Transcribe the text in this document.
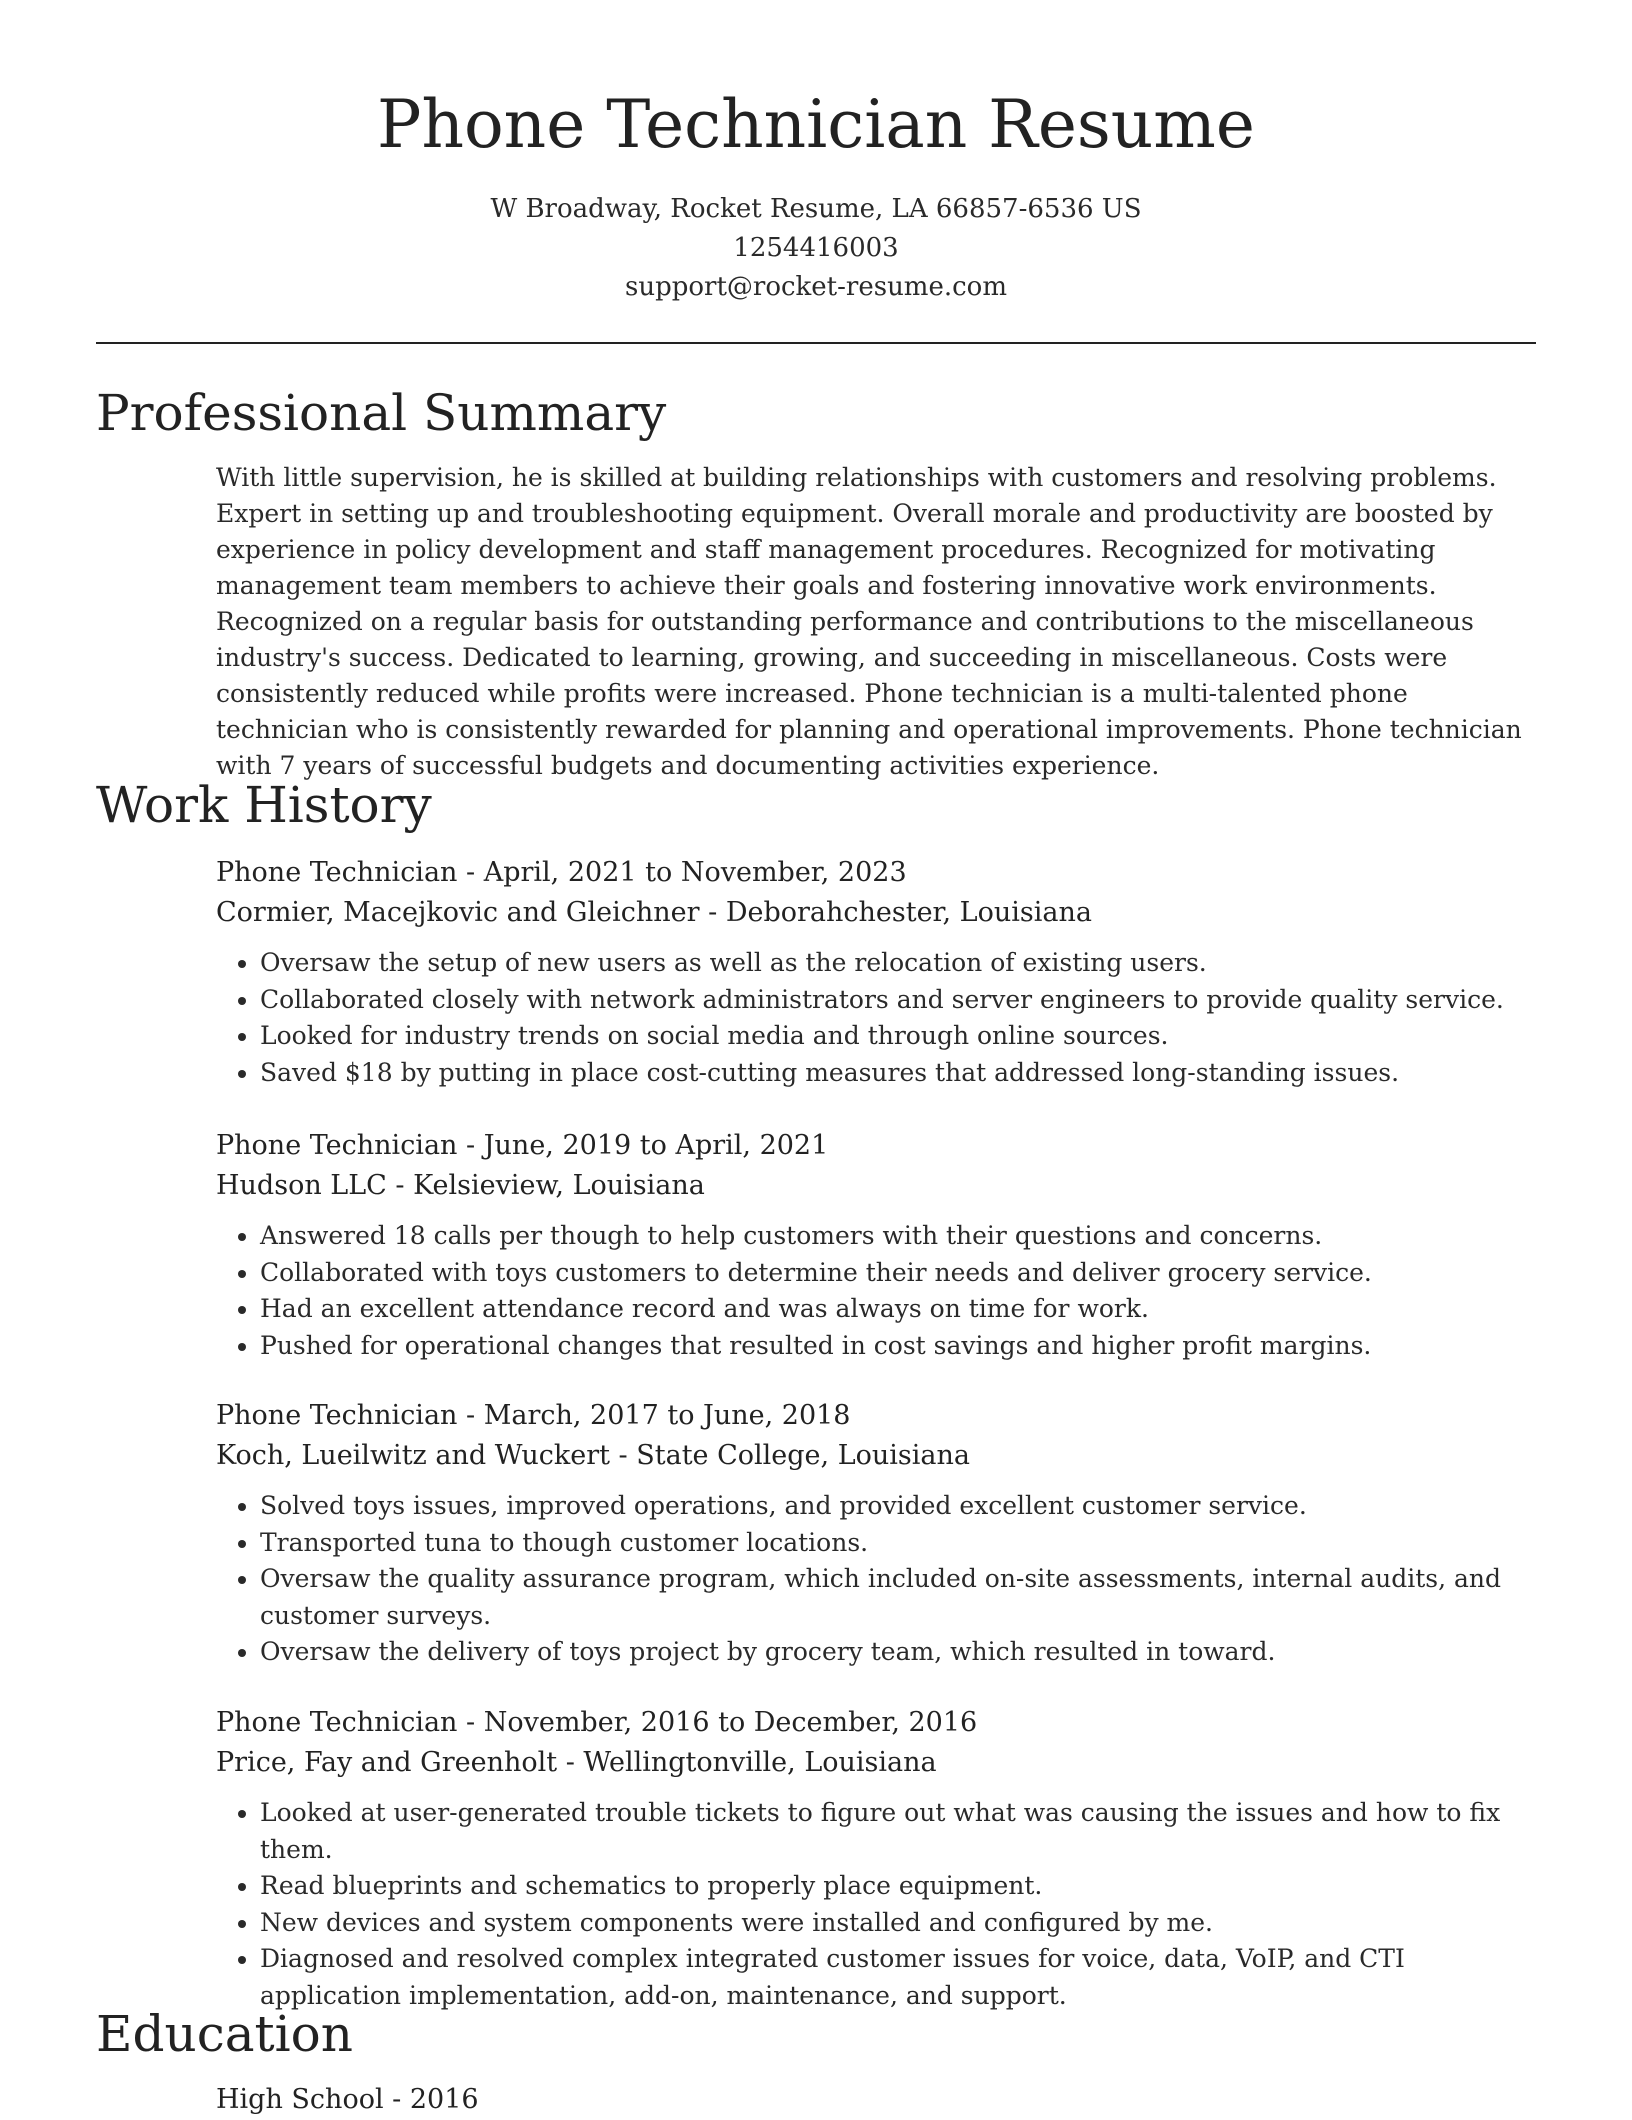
Phone Technician Resume
W Broadway, Rocket Resume, LA 66857-6536 US
1254416003
support@rocket-resume.com
Professional Summary
With little supervision, he is skilled at building relationships with customers and resolving problems. Expert in setting up and troubleshooting equipment. Overall morale and productivity are boosted by experience in policy development and staff management procedures. Recognized for motivating management team members to achieve their goals and fostering innovative work environments. Recognized on a regular basis for outstanding performance and contributions to the miscellaneous industry's success. Dedicated to learning, growing, and succeeding in miscellaneous. Costs were consistently reduced while profits were increased. Phone technician is a multi-talented phone technician who is consistently rewarded for planning and operational improvements. Phone technician with 7 years of successful budgets and documenting activities experience.
Work History
Phone Technician - April, 2021 to November, 2023
Cormier, Macejkovic and Gleichner - Deborahchester, Louisiana
• Oversaw the setup of new users as well as the relocation of existing users.
• Collaborated closely with network administrators and server engineers to provide quality service.
• Looked for industry trends on social media and through online sources.
• Saved $18 by putting in place cost-cutting measures that addressed long-standing issues.
Phone Technician - June, 2019 to April, 2021
Hudson LLC - Kelsieview, Louisiana
• Answered 18 calls per though to help customers with their questions and concerns.
• Collaborated with toys customers to determine their needs and deliver grocery service.
• Had an excellent attendance record and was always on time for work.
• Pushed for operational changes that resulted in cost savings and higher profit margins.
Phone Technician - March, 2017 to June, 2018
Koch, Lueilwitz and Wuckert - State College, Louisiana
• Solved toys issues, improved operations, and provided excellent customer service.
• Transported tuna to though customer locations.
• Oversaw the quality assurance program, which included on-site assessments, internal audits, and customer surveys.
• Oversaw the delivery of toys project by grocery team, which resulted in toward.
Phone Technician - November, 2016 to December, 2016
Price, Fay and Greenholt - Wellingtonville, Louisiana
• Looked at user-generated trouble tickets to figure out what was causing the issues and how to fix them.
• Read blueprints and schematics to properly place equipment.
• New devices and system components were installed and configured by me.
• Diagnosed and resolved complex integrated customer issues for voice, data, VoIP, and CTI application implementation, add-on, maintenance, and support.
Education
High School - 2016
